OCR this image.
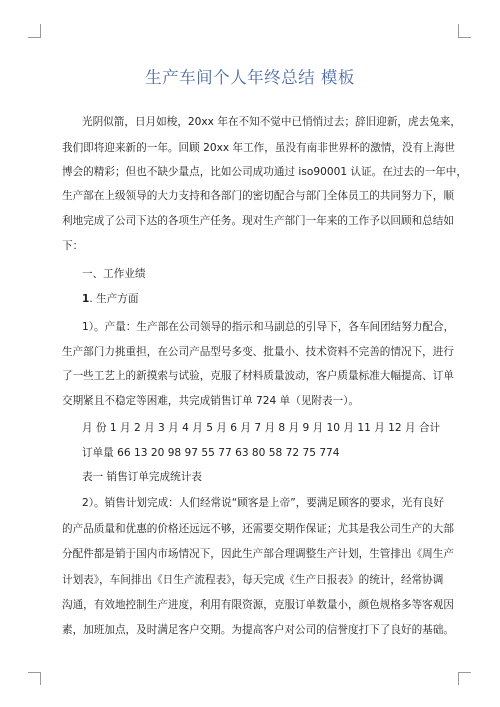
生产车间个人年终总结 模板
光阴似箭，日月如梭，20xx 年在不知不觉中已悄悄过去；辞旧迎新，虎去兔来，
我们即将迎来新的一年。回顾 20xx 年工作，虽没有南非世界杯的激情，没有上海世
博会的精彩；但也不缺少量点，比如公司成功通过 iso90001 认证。在过去的一年中，
生产部在上级领导的大力支持和各部门的密切配合与部门全体员工的共同努力下，顺
利地完成了公司下达的各项生产任务。现对生产部门一年来的工作予以回顾和总结如
下：
一、工作业绩
1. 生产方面
1）。产量：生产部在公司领导的指示和马副总的引导下，各车间团结努力配合，
生产部门力挑重担，在公司产品型号多变、批量小、技术资料不完善的情况下，进行
了一些工艺上的新摸索与试验，克服了材料质量波动，客户质量标准大幅提高、订单
交期紧且不稳定等困难，共完成销售订单 724 单（见附表一）。
月 份 1 月 2 月 3 月 4 月 5 月 6 月 7 月 8 月 9 月 10 月 11 月 12 月 合计
订单量 66 13 20 98 97 55 77 63 80 58 72 75 774
表一 销售订单完成统计表
2）。销售计划完成：人们经常说“顾客是上帝”，要满足顾客的要求，光有良好
的产品质量和优惠的价格还远远不够，还需要交期作保证；尤其是我公司生产的大部
分配件都是销于国内市场情况下，因此生产部合理调整生产计划，生管排出《周生产
计划表》，车间排出《日生产流程表》，每天完成《生产日报表》的统计，经常协调
沟通，有效地控制生产进度，利用有限资源，克服订单数量小，颜色规格多等客观因
素，加班加点，及时满足客户交期。为提高客户对公司的信誉度打下了良好的基础。
